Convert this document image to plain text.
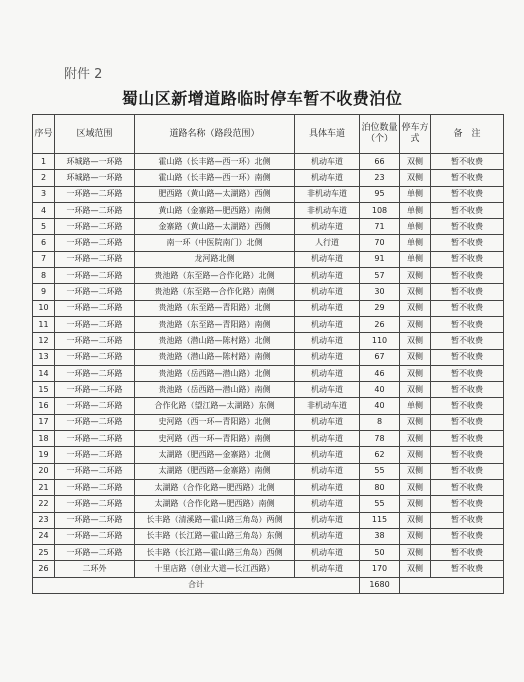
附件 2
蜀山区新增道路临时停车暂不收费泊位
序号	区域范围	道路名称（路段范围）	具体车道	泊位数量（个）	停车方式	备　注
1	环城路—一环路	霍山路（长丰路—西一环）北侧	机动车道	66	双侧	暂不收费
2	环城路—一环路	霍山路（长丰路—西一环）南侧	机动车道	23	双侧	暂不收费
3	一环路—二环路	肥西路（黄山路—太湖路）西侧	非机动车道	95	单侧	暂不收费
4	一环路—二环路	黄山路（金寨路—肥西路）南侧	非机动车道	108	单侧	暂不收费
5	一环路—二环路	金寨路（黄山路—太湖路）西侧	机动车道	71	单侧	暂不收费
6	一环路—二环路	南一环（中医院南门）北侧	人行道	70	单侧	暂不收费
7	一环路—二环路	龙河路北侧	机动车道	91	单侧	暂不收费
8	一环路—二环路	贵池路（东至路—合作化路）北侧	机动车道	57	双侧	暂不收费
9	一环路—二环路	贵池路（东至路—合作化路）南侧	机动车道	30	双侧	暂不收费
10	一环路—二环路	贵池路（东至路—青阳路）北侧	机动车道	29	双侧	暂不收费
11	一环路—二环路	贵池路（东至路—青阳路）南侧	机动车道	26	双侧	暂不收费
12	一环路—二环路	贵池路（潜山路—陈村路）北侧	机动车道	110	双侧	暂不收费
13	一环路—二环路	贵池路（潜山路—陈村路）南侧	机动车道	67	双侧	暂不收费
14	一环路—二环路	贵池路（岳西路—潜山路）北侧	机动车道	46	双侧	暂不收费
15	一环路—二环路	贵池路（岳西路—潜山路）南侧	机动车道	40	双侧	暂不收费
16	一环路—二环路	合作化路（望江路—太湖路）东侧	非机动车道	40	单侧	暂不收费
17	一环路—二环路	史河路（西一环—青阳路）北侧	机动车道	8	双侧	暂不收费
18	一环路—二环路	史河路（西一环—青阳路）南侧	机动车道	78	双侧	暂不收费
19	一环路—二环路	太湖路（肥西路—金寨路）北侧	机动车道	62	双侧	暂不收费
20	一环路—二环路	太湖路（肥西路—金寨路）南侧	机动车道	55	双侧	暂不收费
21	一环路—二环路	太湖路（合作化路—肥西路）北侧	机动车道	80	双侧	暂不收费
22	一环路—二环路	太湖路（合作化路—肥西路）南侧	机动车道	55	双侧	暂不收费
23	一环路—二环路	长丰路（清溪路—霍山路三角岛）两侧	机动车道	115	双侧	暂不收费
24	一环路—二环路	长丰路（长江路—霍山路三角岛）东侧	机动车道	38	双侧	暂不收费
25	一环路—二环路	长丰路（长江路—霍山路三角岛）西侧	机动车道	50	双侧	暂不收费
26	二环外	十里店路（创业大道—长江西路）	机动车道	170	双侧	暂不收费
合计				1680		
